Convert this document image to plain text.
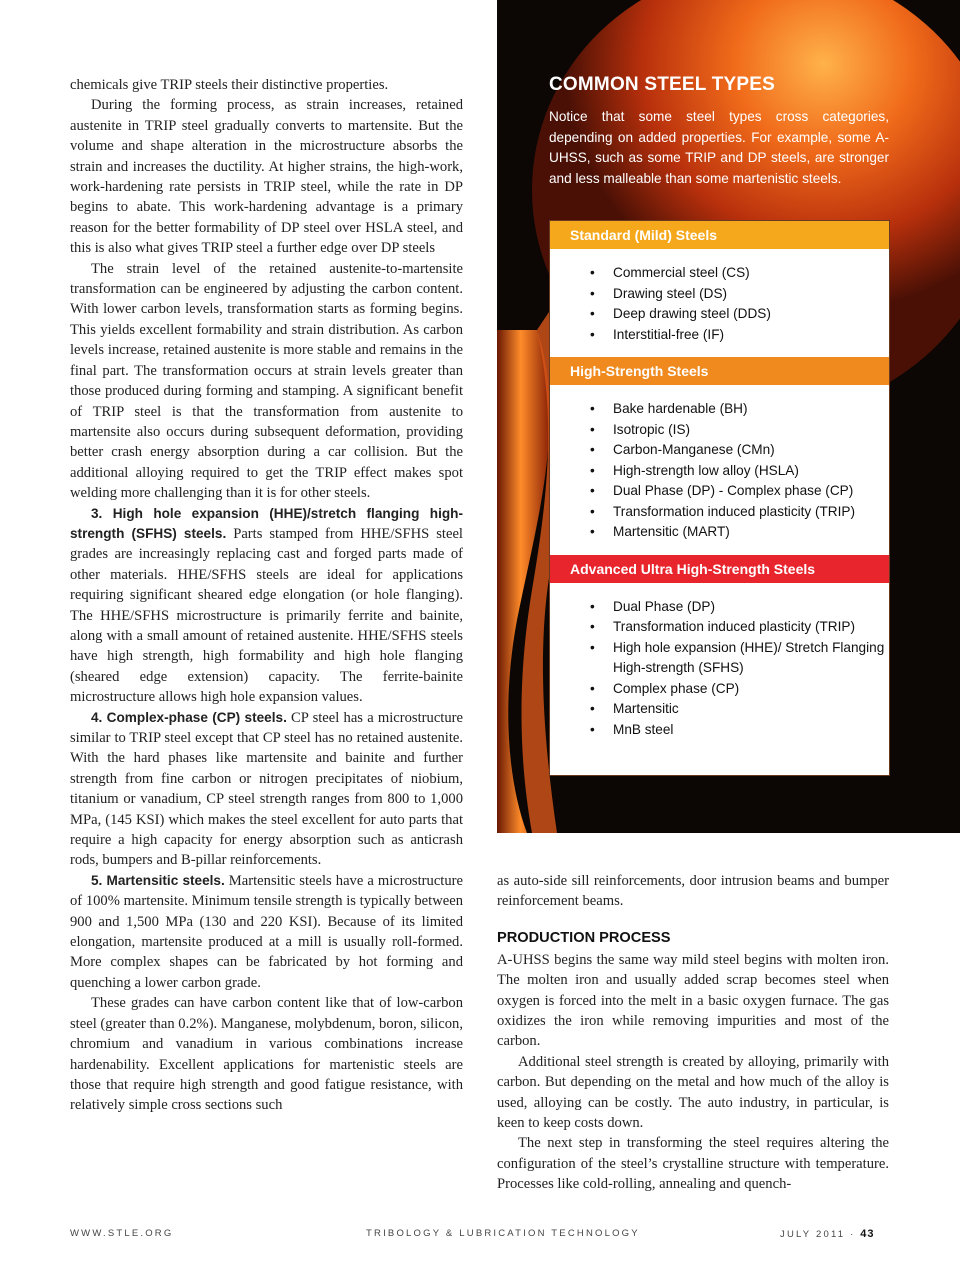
chemicals give TRIP steels their distinctive properties.

During the forming process, as strain increases, retained austenite in TRIP steel gradually converts to martensite. But the volume and shape alteration in the microstructure absorbs the strain and increases the ductility. At higher strains, the high-work, work-hardening rate persists in TRIP steel, while the rate in DP begins to abate. This work-hardening advantage is a primary reason for the better formability of DP steel over HSLA steel, and this is also what gives TRIP steel a further edge over DP steels

The strain level of the retained austenite-to-martensite transformation can be engineered by adjusting the carbon content. With lower carbon levels, transformation starts as forming begins. This yields excellent formability and strain distribution. As carbon levels increase, retained austenite is more stable and remains in the final part. The transformation occurs at strain levels greater than those produced during forming and stamping. A significant benefit of TRIP steel is that the transformation from austenite to martensite also occurs during subsequent deformation, providing better crash energy absorption during a car collision. But the additional alloying required to get the TRIP effect makes spot welding more challenging than it is for other steels.

3. High hole expansion (HHE)/stretch flanging high-strength (SFHS) steels. Parts stamped from HHE/SFHS steel grades are increasingly replacing cast and forged parts made of other materials. HHE/SFHS steels are ideal for applications requiring significant sheared edge elongation (or hole flanging). The HHE/SFHS microstructure is primarily ferrite and bainite, along with a small amount of retained austenite. HHE/SFHS steels have high strength, high formability and high hole flanging (sheared edge extension) capacity. The ferrite-bainite microstructure allows high hole expansion values.

4. Complex-phase (CP) steels. CP steel has a microstructure similar to TRIP steel except that CP steel has no retained austenite. With the hard phases like martensite and bainite and further strength from fine carbon or nitrogen precipitates of niobium, titanium or vanadium, CP steel strength ranges from 800 to 1,000 MPa, (145 KSI) which makes the steel excellent for auto parts that require a high capacity for energy absorption such as anticrash rods, bumpers and B-pillar reinforcements.

5. Martensitic steels. Martensitic steels have a microstructure of 100% martensite. Minimum tensile strength is typically between 900 and 1,500 MPa (130 and 220 KSI). Because of its limited elongation, martensite produced at a mill is usually roll-formed. More complex shapes can be fabricated by hot forming and quenching a lower carbon grade.

These grades can have carbon content like that of low-carbon steel (greater than 0.2%). Manganese, molybdenum, boron, silicon, chromium and vanadium in various combinations increase hardenability. Excellent applications for martenistic steels are those that require high strength and good fatigue resistance, with relatively simple cross sections such

COMMON STEEL TYPES

Notice that some steel types cross categories, depending on added properties. For example, some A-UHSS, such as some TRIP and DP steels, are stronger and less malleable than some martenistic steels.

Standard (Mild) Steels
• Commercial steel (CS)
• Drawing steel (DS)
• Deep drawing steel (DDS)
• Interstitial-free (IF)
High-Strength Steels
• Bake hardenable (BH)
• Isotropic (IS)
• Carbon-Manganese (CMn)
• High-strength low alloy (HSLA)
• Dual Phase (DP) - Complex phase (CP)
• Transformation induced plasticity (TRIP)
• Martensitic (MART)
Advanced Ultra High-Strength Steels
• Dual Phase (DP)
• Transformation induced plasticity (TRIP)
• High hole expansion (HHE)/ Stretch Flanging High-strength (SFHS)
• Complex phase (CP)
• Martensitic
• MnB steel

as auto-side sill reinforcements, door intrusion beams and bumper reinforcement beams.

PRODUCTION PROCESS

A-UHSS begins the same way mild steel begins with molten iron. The molten iron and usually added scrap becomes steel when oxygen is forced into the melt in a basic oxygen furnace. The gas oxidizes the iron while removing impurities and most of the carbon.

Additional steel strength is created by alloying, primarily with carbon. But depending on the metal and how much of the alloy is used, alloying can be costly. The auto industry, in particular, is keen to keep costs down.

The next step in transforming the steel requires altering the configuration of the steel’s crystalline structure with temperature. Processes like cold-rolling, annealing and quench-

WWW.STLE.ORG	TRIBOLOGY & LUBRICATION TECHNOLOGY	JULY 2011 · 43
